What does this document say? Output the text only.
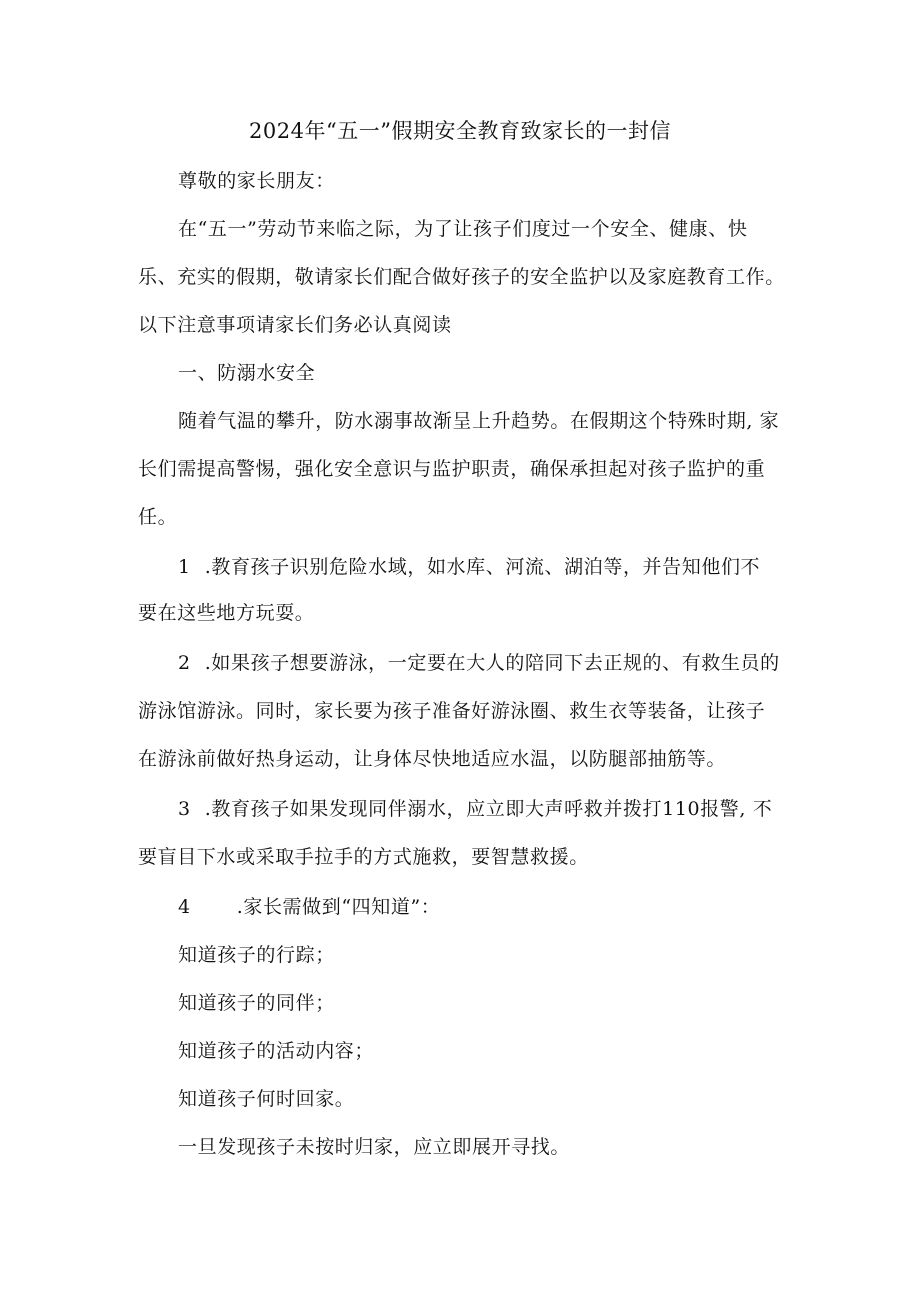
2024年“五一”假期安全教育致家长的一封信
尊敬的家长朋友：
在“五一”劳动节来临之际，为了让孩子们度过一个安全、健康、快
乐、充实的假期，敬请家长们配合做好孩子的安全监护以及家庭教育工作。
以下注意事项请家长们务必认真阅读
一、防溺水安全
随着气温的攀升，防水溺事故渐呈上升趋势。在假期这个特殊时期, 家
长们需提高警惕，强化安全意识与监护职责，确保承担起对孩子监护的重
任。
1 .教育孩子识别危险水域，如水库、河流、湖泊等，并告知他们不
要在这些地方玩耍。
2 .如果孩子想要游泳，一定要在大人的陪同下去正规的、有救生员的
游泳馆游泳。同时，家长要为孩子准备好游泳圈、救生衣等装备，让孩子
在游泳前做好热身运动，让身体尽快地适应水温，以防腿部抽筋等。
3 .教育孩子如果发现同伴溺水，应立即大声呼救并拨打110报警, 不
要盲目下水或采取手拉手的方式施救，要智慧救援。
4 .家长需做到“四知道”：
知道孩子的行踪；
知道孩子的同伴；
知道孩子的活动内容；
知道孩子何时回家。
一旦发现孩子未按时归家，应立即展开寻找。
